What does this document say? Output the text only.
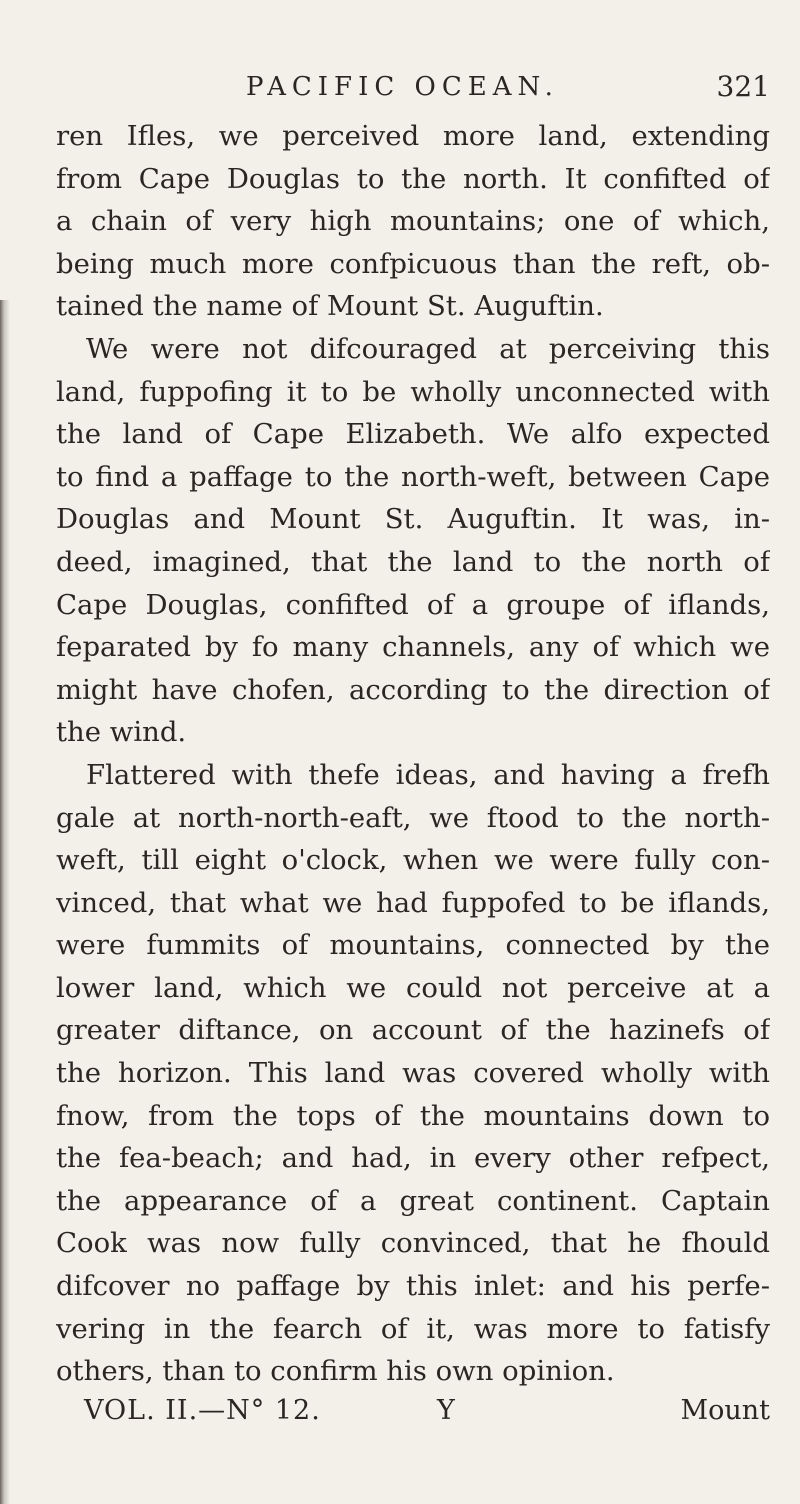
PACIFIC OCEAN.	321
ren Ifles, we perceived more land, extending
from Cape Douglas to the north. It confifted of
a chain of very high mountains; one of which,
being much more confpicuous than the reft, ob-
tained the name of Mount St. Auguftin.
We were not difcouraged at perceiving this
land, fuppofing it to be wholly unconnected with
the land of Cape Elizabeth. We alfo expected
to find a paffage to the north-weft, between Cape
Douglas and Mount St. Auguftin. It was, in-
deed, imagined, that the land to the north of
Cape Douglas, confifted of a groupe of iflands,
feparated by fo many channels, any of which we
might have chofen, according to the direction of
the wind.
Flattered with thefe ideas, and having a frefh
gale at north-north-eaft, we ftood to the north-
weft, till eight o'clock, when we were fully con-
vinced, that what we had fuppofed to be iflands,
were fummits of mountains, connected by the
lower land, which we could not perceive at a
greater diftance, on account of the hazinefs of
the horizon. This land was covered wholly with
fnow, from the tops of the mountains down to
the fea-beach; and had, in every other refpect,
the appearance of a great continent. Captain
Cook was now fully convinced, that he fhould
difcover no paffage by this inlet: and his perfe-
vering in the fearch of it, was more to fatisfy
others, than to confirm his own opinion.
VOL. II.—N° 12.	Y	Mount
